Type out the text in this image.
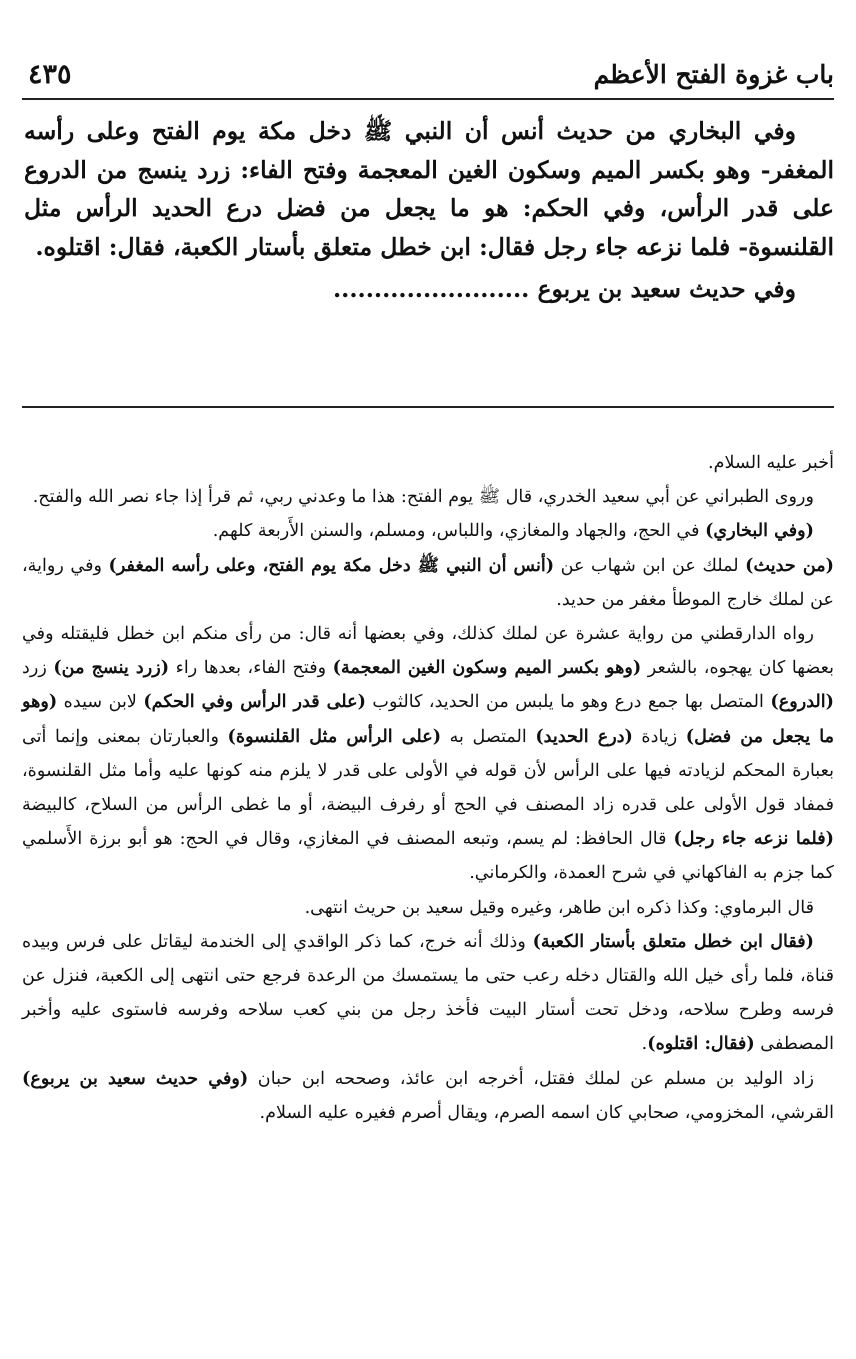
باب غزوة الفتح الأعظم
٤٣٥

وفي البخاري من حديث أنس أن النبي ﷺ دخل مكة يوم الفتح وعلى رأسه المغفر- وهو بكسر الميم وسكون الغين المعجمة وفتح الفاء: زرد ينسج من الدروع على قدر الرأس، وفي الحكم: هو ما يجعل من فضل درع الحديد الرأس مثل القلنسوة- فلما نزعه جاء رجل فقال: ابن خطل متعلق بأستار الكعبة، فقال: اقتلوه.

وفي حديث سعيد بن يربوع ........................

أخبر عليه السلام.

وروى الطبراني عن أبي سعيد الخدري، قال ﷺ يوم الفتح: هذا ما وعدني ربي، ثم قرأ إذا جاء نصر الله والفتح.

(وفي البخاري) في الحج، والجهاد والمغازي، واللباس، ومسلم، والسنن الأَربعة كلهم.

(من حديث) لملك عن ابن شهاب عن (أنس أن النبي ﷺ دخل مكة يوم الفتح، وعلى رأسه المغفر) وفي رواية، عن لملك خارج الموطأ مغفر من حديد.

رواه الدارقطني من رواية عشرة عن لملك كذلك، وفي بعضها أنه قال: من رأى منكم ابن خطل فليقتله وفي بعضها كان يهجوه، بالشعر (وهو بكسر الميم وسكون الغين المعجمة) وفتح الفاء، بعدها راء (زرد ينسج من) زرد (الدروع) المتصل بها جمع درع وهو ما يلبس من الحديد، كالثوب (على قدر الرأس وفي الحكم) لابن سيده (وهو ما يجعل من فضل) زيادة (درع الحديد) المتصل به (على الرأس مثل القلنسوة) والعبارتان بمعنى وإنما أتى بعبارة المحكم لزيادته فيها على الرأس لأن قوله في الأولى على قدر لا يلزم منه كونها عليه وأما مثل القلنسوة، فمفاد قول الأولى على قدره زاد المصنف في الحج أو رفرف البيضة، أو ما غطى الرأس من السلاح، كالبيضة (فلما نزعه جاء رجل) قال الحافظ: لم يسم، وتبعه المصنف في المغازي، وقال في الحج: هو أبو برزة الأَسلمي كما جزم به الفاكهاني في شرح العمدة، والكرماني.

قال البرماوي: وكذا ذكره ابن طاهر، وغيره وقيل سعيد بن حريث انتهى.

(فقال ابن خطل متعلق بأستار الكعبة) وذلك أنه خرج، كما ذكر الواقدي إلى الخندمة ليقاتل على فرس وبيده قناة، فلما رأى خيل الله والقتال دخله رعب حتى ما يستمسك من الرعدة فرجع حتى انتهى إلى الكعبة، فنزل عن فرسه وطرح سلاحه، ودخل تحت أستار البيت فأخذ رجل من بني كعب سلاحه وفرسه فاستوى عليه وأخبر المصطفى (فقال: اقتلوه).

زاد الوليد بن مسلم عن لملك فقتل، أخرجه ابن عائذ، وصححه ابن حبان (وفي حديث سعيد بن يربوع) القرشي، المخزومي، صحابي كان اسمه الصرم، ويقال أصرم فغيره عليه السلام.
